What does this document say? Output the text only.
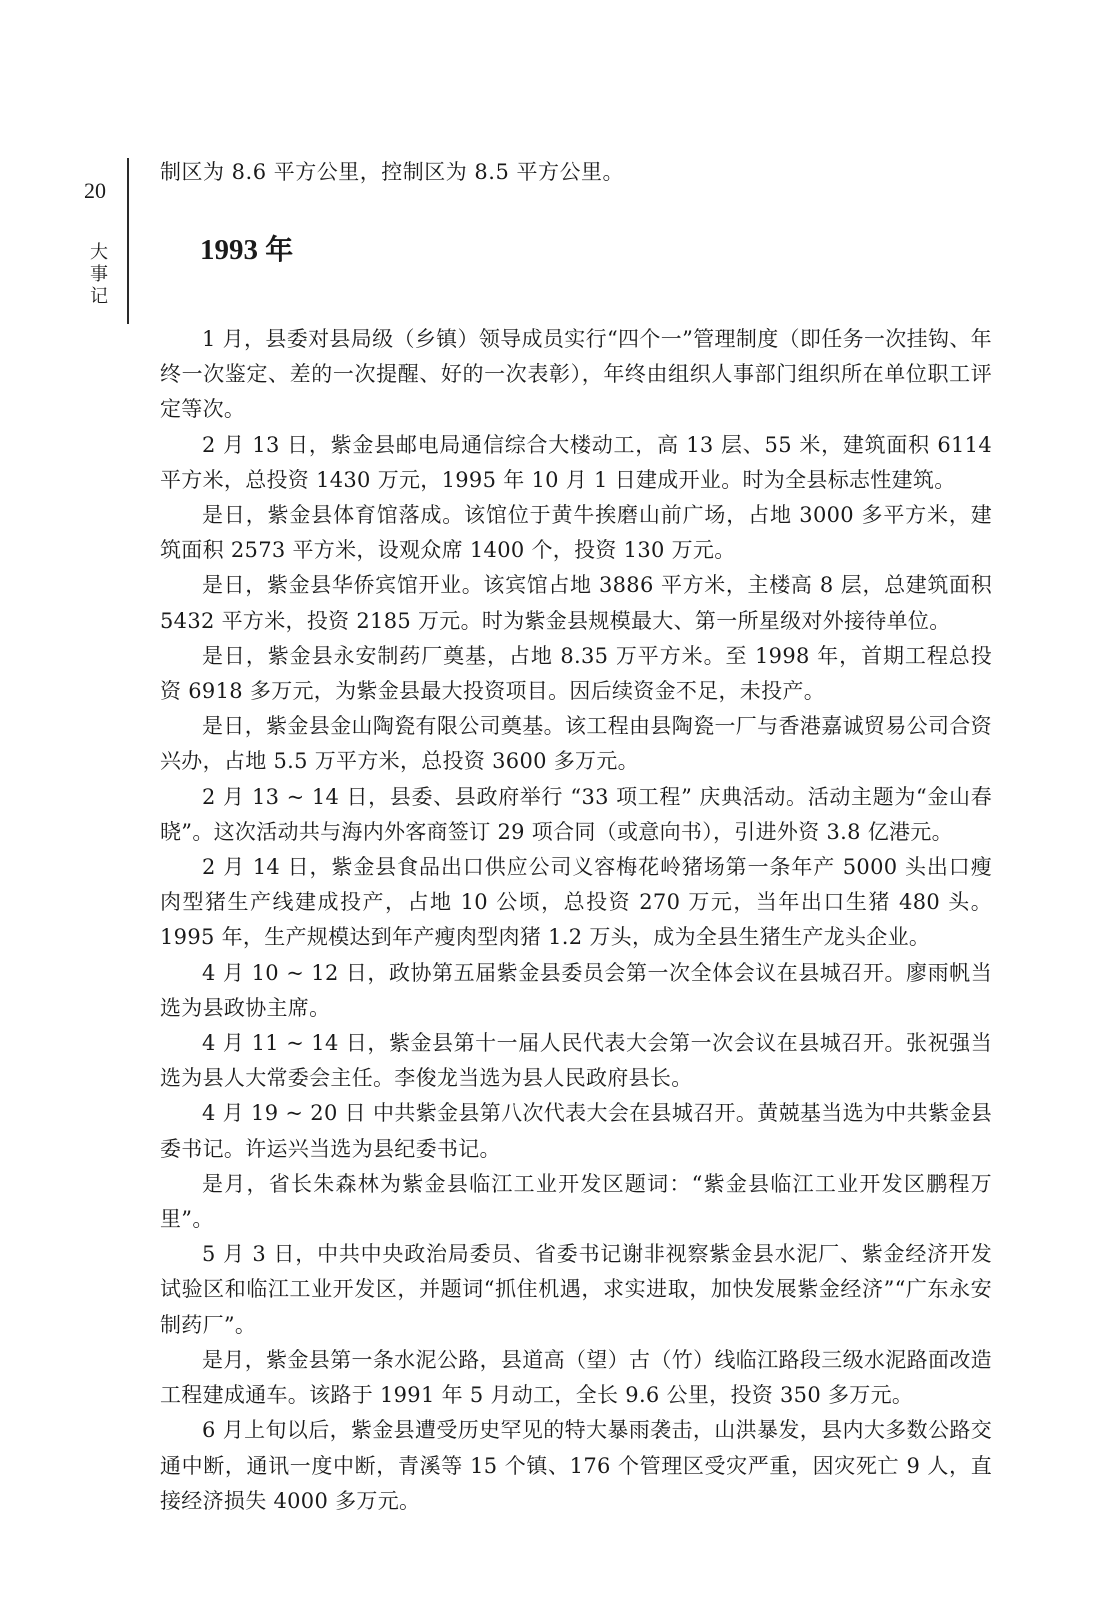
20
大事记

制区为 8.6 平方公里，控制区为 8.5 平方公里。

1993 年

1 月，县委对县局级（乡镇）领导成员实行“四个一”管理制度（即任务一次挂钩、年终一次鉴定、差的一次提醒、好的一次表彰），年终由组织人事部门组织所在单位职工评定等次。

2 月 13 日，紫金县邮电局通信综合大楼动工，高 13 层、55 米，建筑面积 6114 平方米，总投资 1430 万元，1995 年 10 月 1 日建成开业。时为全县标志性建筑。

是日，紫金县体育馆落成。该馆位于黄牛挨磨山前广场，占地 3000 多平方米，建筑面积 2573 平方米，设观众席 1400 个，投资 130 万元。

是日，紫金县华侨宾馆开业。该宾馆占地 3886 平方米，主楼高 8 层，总建筑面积 5432 平方米，投资 2185 万元。时为紫金县规模最大、第一所星级对外接待单位。

是日，紫金县永安制药厂奠基，占地 8.35 万平方米。至 1998 年，首期工程总投资 6918 多万元，为紫金县最大投资项目。因后续资金不足，未投产。

是日，紫金县金山陶瓷有限公司奠基。该工程由县陶瓷一厂与香港嘉诚贸易公司合资兴办，占地 5.5 万平方米，总投资 3600 多万元。

2 月 13 ~ 14 日，县委、县政府举行 “33 项工程” 庆典活动。活动主题为“金山春晓”。这次活动共与海内外客商签订 29 项合同（或意向书），引进外资 3.8 亿港元。

2 月 14 日，紫金县食品出口供应公司义容梅花岭猪场第一条年产 5000 头出口瘦肉型猪生产线建成投产，占地 10 公顷，总投资 270 万元，当年出口生猪 480 头。1995 年，生产规模达到年产瘦肉型肉猪 1.2 万头，成为全县生猪生产龙头企业。

4 月 10 ~ 12 日，政协第五届紫金县委员会第一次全体会议在县城召开。廖雨帆当选为县政协主席。

4 月 11 ~ 14 日，紫金县第十一届人民代表大会第一次会议在县城召开。张祝强当选为县人大常委会主任。李俊龙当选为县人民政府县长。

4 月 19 ~ 20 日 中共紫金县第八次代表大会在县城召开。黄兢基当选为中共紫金县委书记。许运兴当选为县纪委书记。

是月，省长朱森林为紫金县临江工业开发区题词：“紫金县临江工业开发区鹏程万里”。

5 月 3 日，中共中央政治局委员、省委书记谢非视察紫金县水泥厂、紫金经济开发试验区和临江工业开发区，并题词“抓住机遇，求实进取，加快发展紫金经济”“广东永安制药厂”。

是月，紫金县第一条水泥公路，县道高（望）古（竹）线临江路段三级水泥路面改造工程建成通车。该路于 1991 年 5 月动工，全长 9.6 公里，投资 350 多万元。

6 月上旬以后，紫金县遭受历史罕见的特大暴雨袭击，山洪暴发，县内大多数公路交通中断，通讯一度中断，青溪等 15 个镇、176 个管理区受灾严重，因灾死亡 9 人，直接经济损失 4000 多万元。
